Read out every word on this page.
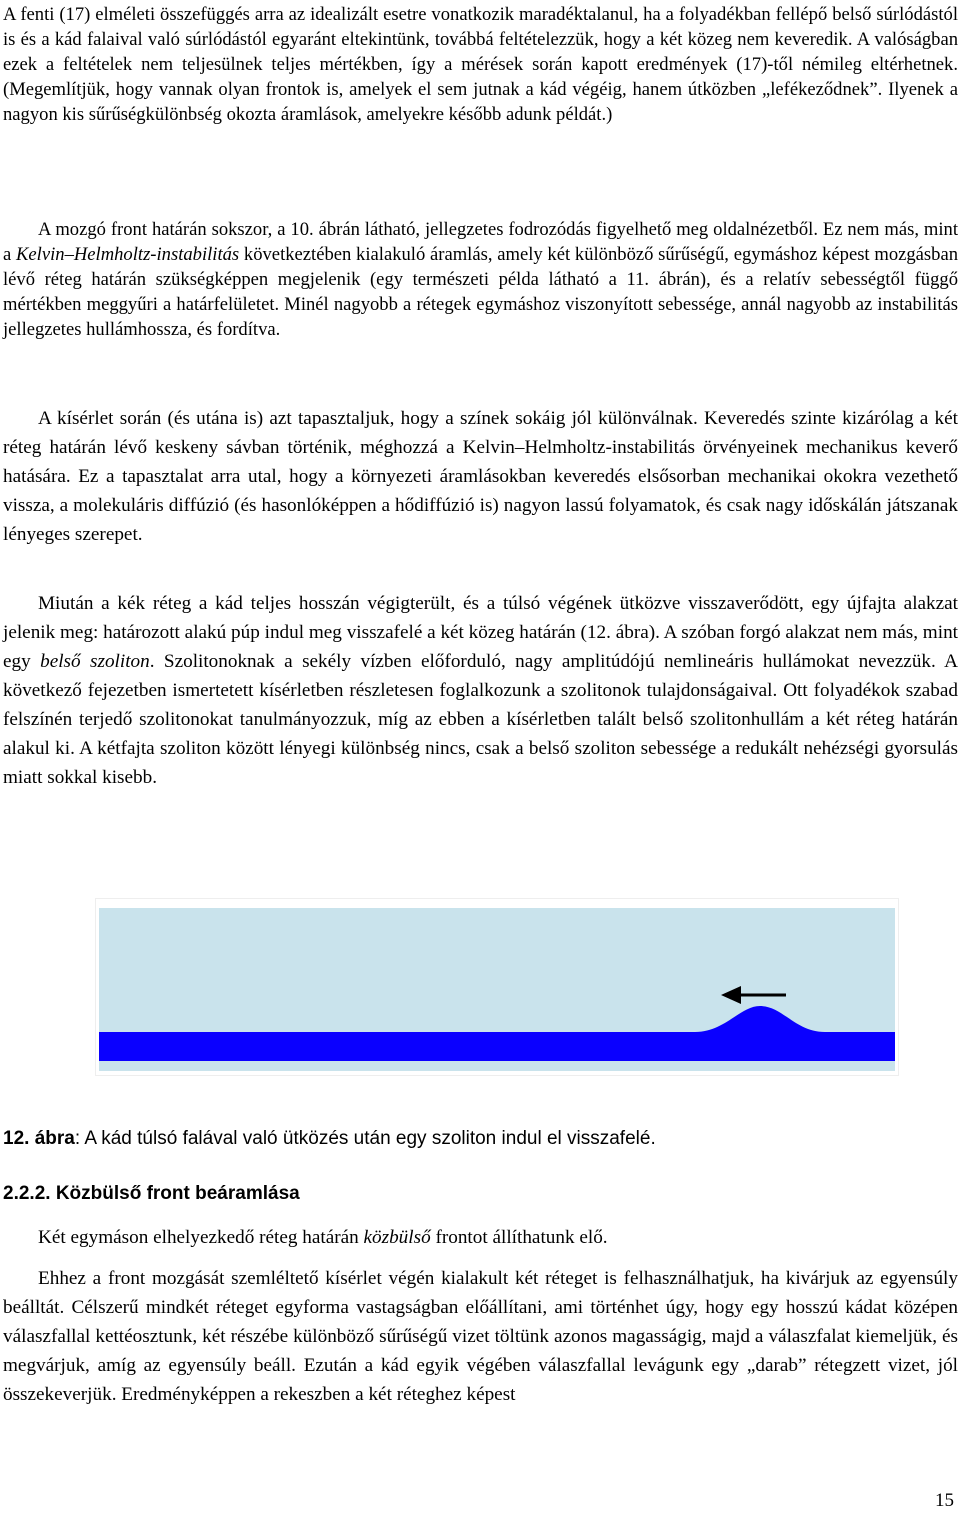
A fenti (17) elméleti összefüggés arra az idealizált esetre vonatkozik maradéktalanul, ha a folyadékban fellépő belső súrlódástól is és a kád falaival való súrlódástól egyaránt eltekintünk, továbbá feltételezzük, hogy a két közeg nem keveredik. A valóságban ezek a feltételek nem teljesülnek teljes mértékben, így a mérések során kapott eredmények (17)-től némileg eltérhetnek. (Megemlítjük, hogy vannak olyan frontok is, amelyek el sem jutnak a kád végéig, hanem útközben „lefékeződnek”. Ilyenek a nagyon kis sűrűségkülönbség okozta áramlások, amelyekre később adunk példát.)

A mozgó front határán sokszor, a 10. ábrán látható, jellegzetes fodrozódás figyelhető meg oldalnézetből. Ez nem más, mint a Kelvin–Helmholtz-instabilitás következtében kialakuló áramlás, amely két különböző sűrűségű, egymáshoz képest mozgásban lévő réteg határán szükségképpen megjelenik (egy természeti példa látható a 11. ábrán), és a relatív sebességtől függő mértékben meggyűri a határfelületet. Minél nagyobb a rétegek egymáshoz viszonyított sebessége, annál nagyobb az instabilitás jellegzetes hullámhossza, és fordítva.

A kísérlet során (és utána is) azt tapasztaljuk, hogy a színek sokáig jól különválnak. Keveredés szinte kizárólag a két réteg határán lévő keskeny sávban történik, méghozzá a Kelvin–Helmholtz-instabilitás örvényeinek mechanikus keverő hatására. Ez a tapasztalat arra utal, hogy a környezeti áramlásokban keveredés elsősorban mechanikai okokra vezethető vissza, a molekuláris diffúzió (és hasonlóképpen a hődiffúzió is) nagyon lassú folyamatok, és csak nagy időskálán játszanak lényeges szerepet.

Miután a kék réteg a kád teljes hosszán végigterült, és a túlsó végének ütközve visszaverődött, egy újfajta alakzat jelenik meg: határozott alakú púp indul meg visszafelé a két közeg határán (12. ábra). A szóban forgó alakzat nem más, mint egy belső szoliton. Szolitonoknak a sekély vízben előforduló, nagy amplitúdójú nemlineáris hullámokat nevezzük. A következő fejezetben ismertetett kísérletben részletesen foglalkozunk a szolitonok tulajdonságaival. Ott folyadékok szabad felszínén terjedő szolitonokat tanulmányozzuk, míg az ebben a kísérletben talált belső szolitonhullám a két réteg határán alakul ki. A kétfajta szoliton között lényegi különbség nincs, csak a belső szoliton sebessége a redukált nehézségi gyorsulás miatt sokkal kisebb.

12. ábra: A kád túlsó falával való ütközés után egy szoliton indul el visszafelé.
2.2.2. Közbülső front beáramlása

Két egymáson elhelyezkedő réteg határán közbülső frontot állíthatunk elő.

Ehhez a front mozgását szemléltető kísérlet végén kialakult két réteget is felhasználhatjuk, ha kivárjuk az egyensúly beálltát. Célszerű mindkét réteget egyforma vastagságban előállítani, ami történhet úgy, hogy egy hosszú kádat középen válaszfallal kettéosztunk, két részébe különböző sűrűségű vizet töltünk azonos magasságig, majd a válaszfalat kiemeljük, és megvárjuk, amíg az egyensúly beáll. Ezután a kád egyik végében válaszfallal levágunk egy „darab” rétegzett vizet, jól összekeverjük. Eredményképpen a rekeszben a két réteghez képest

15
